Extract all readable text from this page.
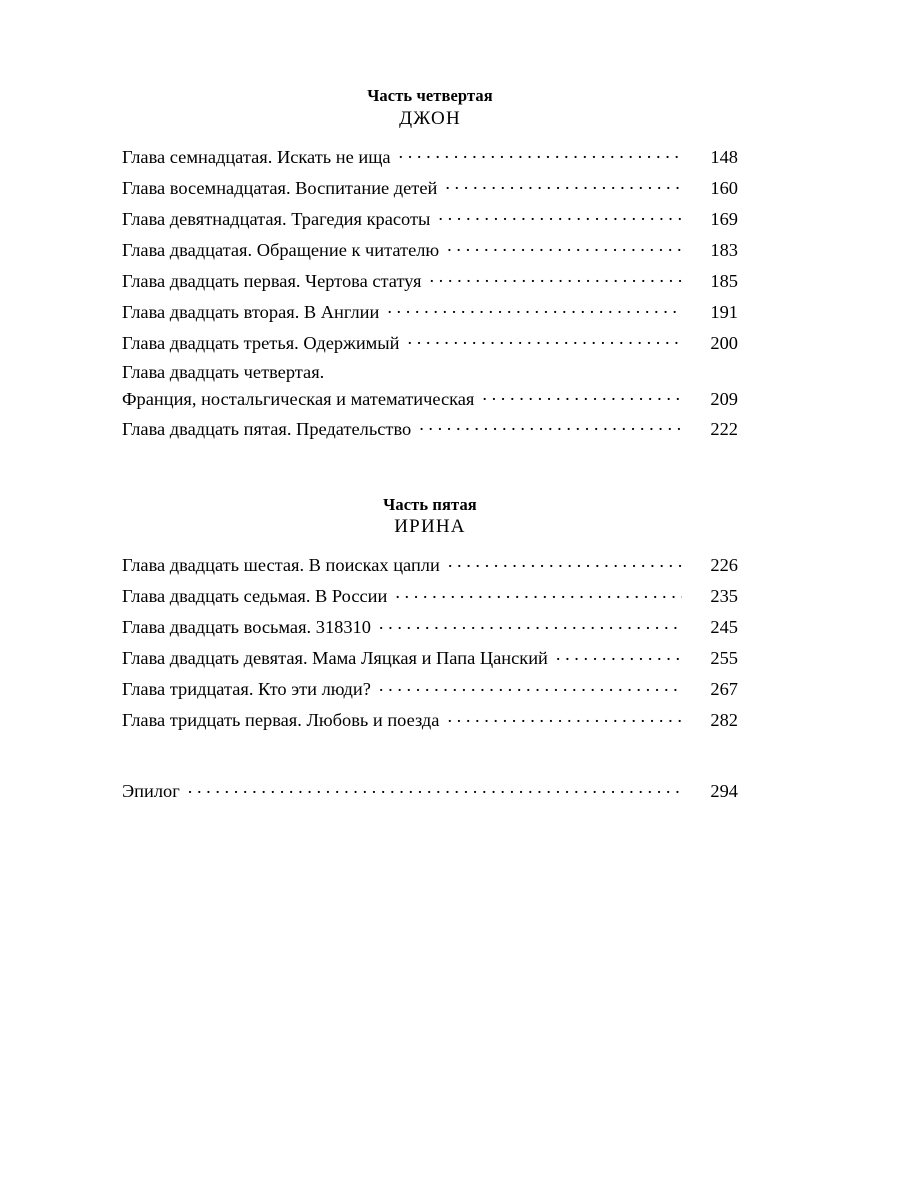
Часть четвертая
ДЖОН
Глава семнадцатая. Искать не ища . . .	148
Глава восемнадцатая. Воспитание детей . . .	160
Глава девятнадцатая. Трагедия красоты . . .	169
Глава двадцатая. Обращение к читателю . . .	183
Глава двадцать первая. Чертова статуя . . .	185
Глава двадцать вторая. В Англии . . .	191
Глава двадцать третья. Одержимый . . .	200
Глава двадцать четвертая.
Франция, ностальгическая и математическая . . .	209
Глава двадцать пятая. Предательство . . .	222
Часть пятая
ИРИНА
Глава двадцать шестая. В поисках цапли . . .	226
Глава двадцать седьмая. В России . . .	235
Глава двадцать восьмая. 318310 . . .	245
Глава двадцать девятая. Мама Ляцкая и Папа Цанский . . .	255
Глава тридцатая. Кто эти люди? . . .	267
Глава тридцать первая. Любовь и поезда . . .	282
Эпилог . . .	294
